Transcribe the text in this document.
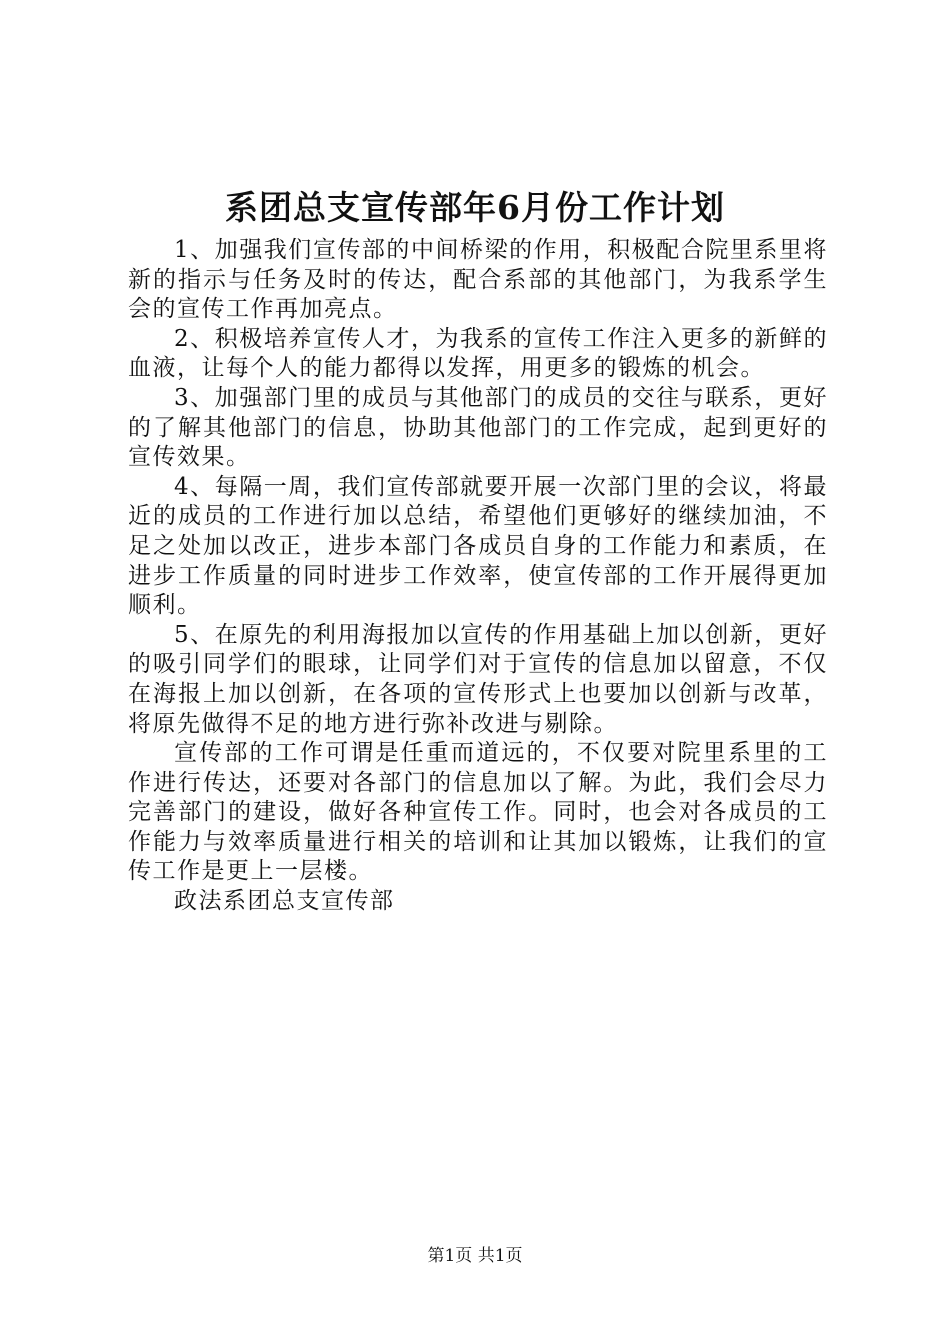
系团总支宣传部年6月份工作计划

1、加强我们宣传部的中间桥梁的作用，积极配合院里系里将新的指示与任务及时的传达，配合系部的其他部门，为我系学生会的宣传工作再加亮点。

2、积极培养宣传人才，为我系的宣传工作注入更多的新鲜的血液，让每个人的能力都得以发挥，用更多的锻炼的机会。

3、加强部门里的成员与其他部门的成员的交往与联系，更好的了解其他部门的信息，协助其他部门的工作完成，起到更好的宣传效果。

4、每隔一周，我们宣传部就要开展一次部门里的会议，将最近的成员的工作进行加以总结，希望他们更够好的继续加油，不足之处加以改正，进步本部门各成员自身的工作能力和素质，在进步工作质量的同时进步工作效率，使宣传部的工作开展得更加顺利。

5、在原先的利用海报加以宣传的作用基础上加以创新，更好的吸引同学们的眼球，让同学们对于宣传的信息加以留意，不仅在海报上加以创新，在各项的宣传形式上也要加以创新与改革，将原先做得不足的地方进行弥补改进与剔除。

宣传部的工作可谓是任重而道远的，不仅要对院里系里的工作进行传达，还要对各部门的信息加以了解。为此，我们会尽力完善部门的建设，做好各种宣传工作。同时，也会对各成员的工作能力与效率质量进行相关的培训和让其加以锻炼，让我们的宣传工作是更上一层楼。

政法系团总支宣传部

第1页 共1页
